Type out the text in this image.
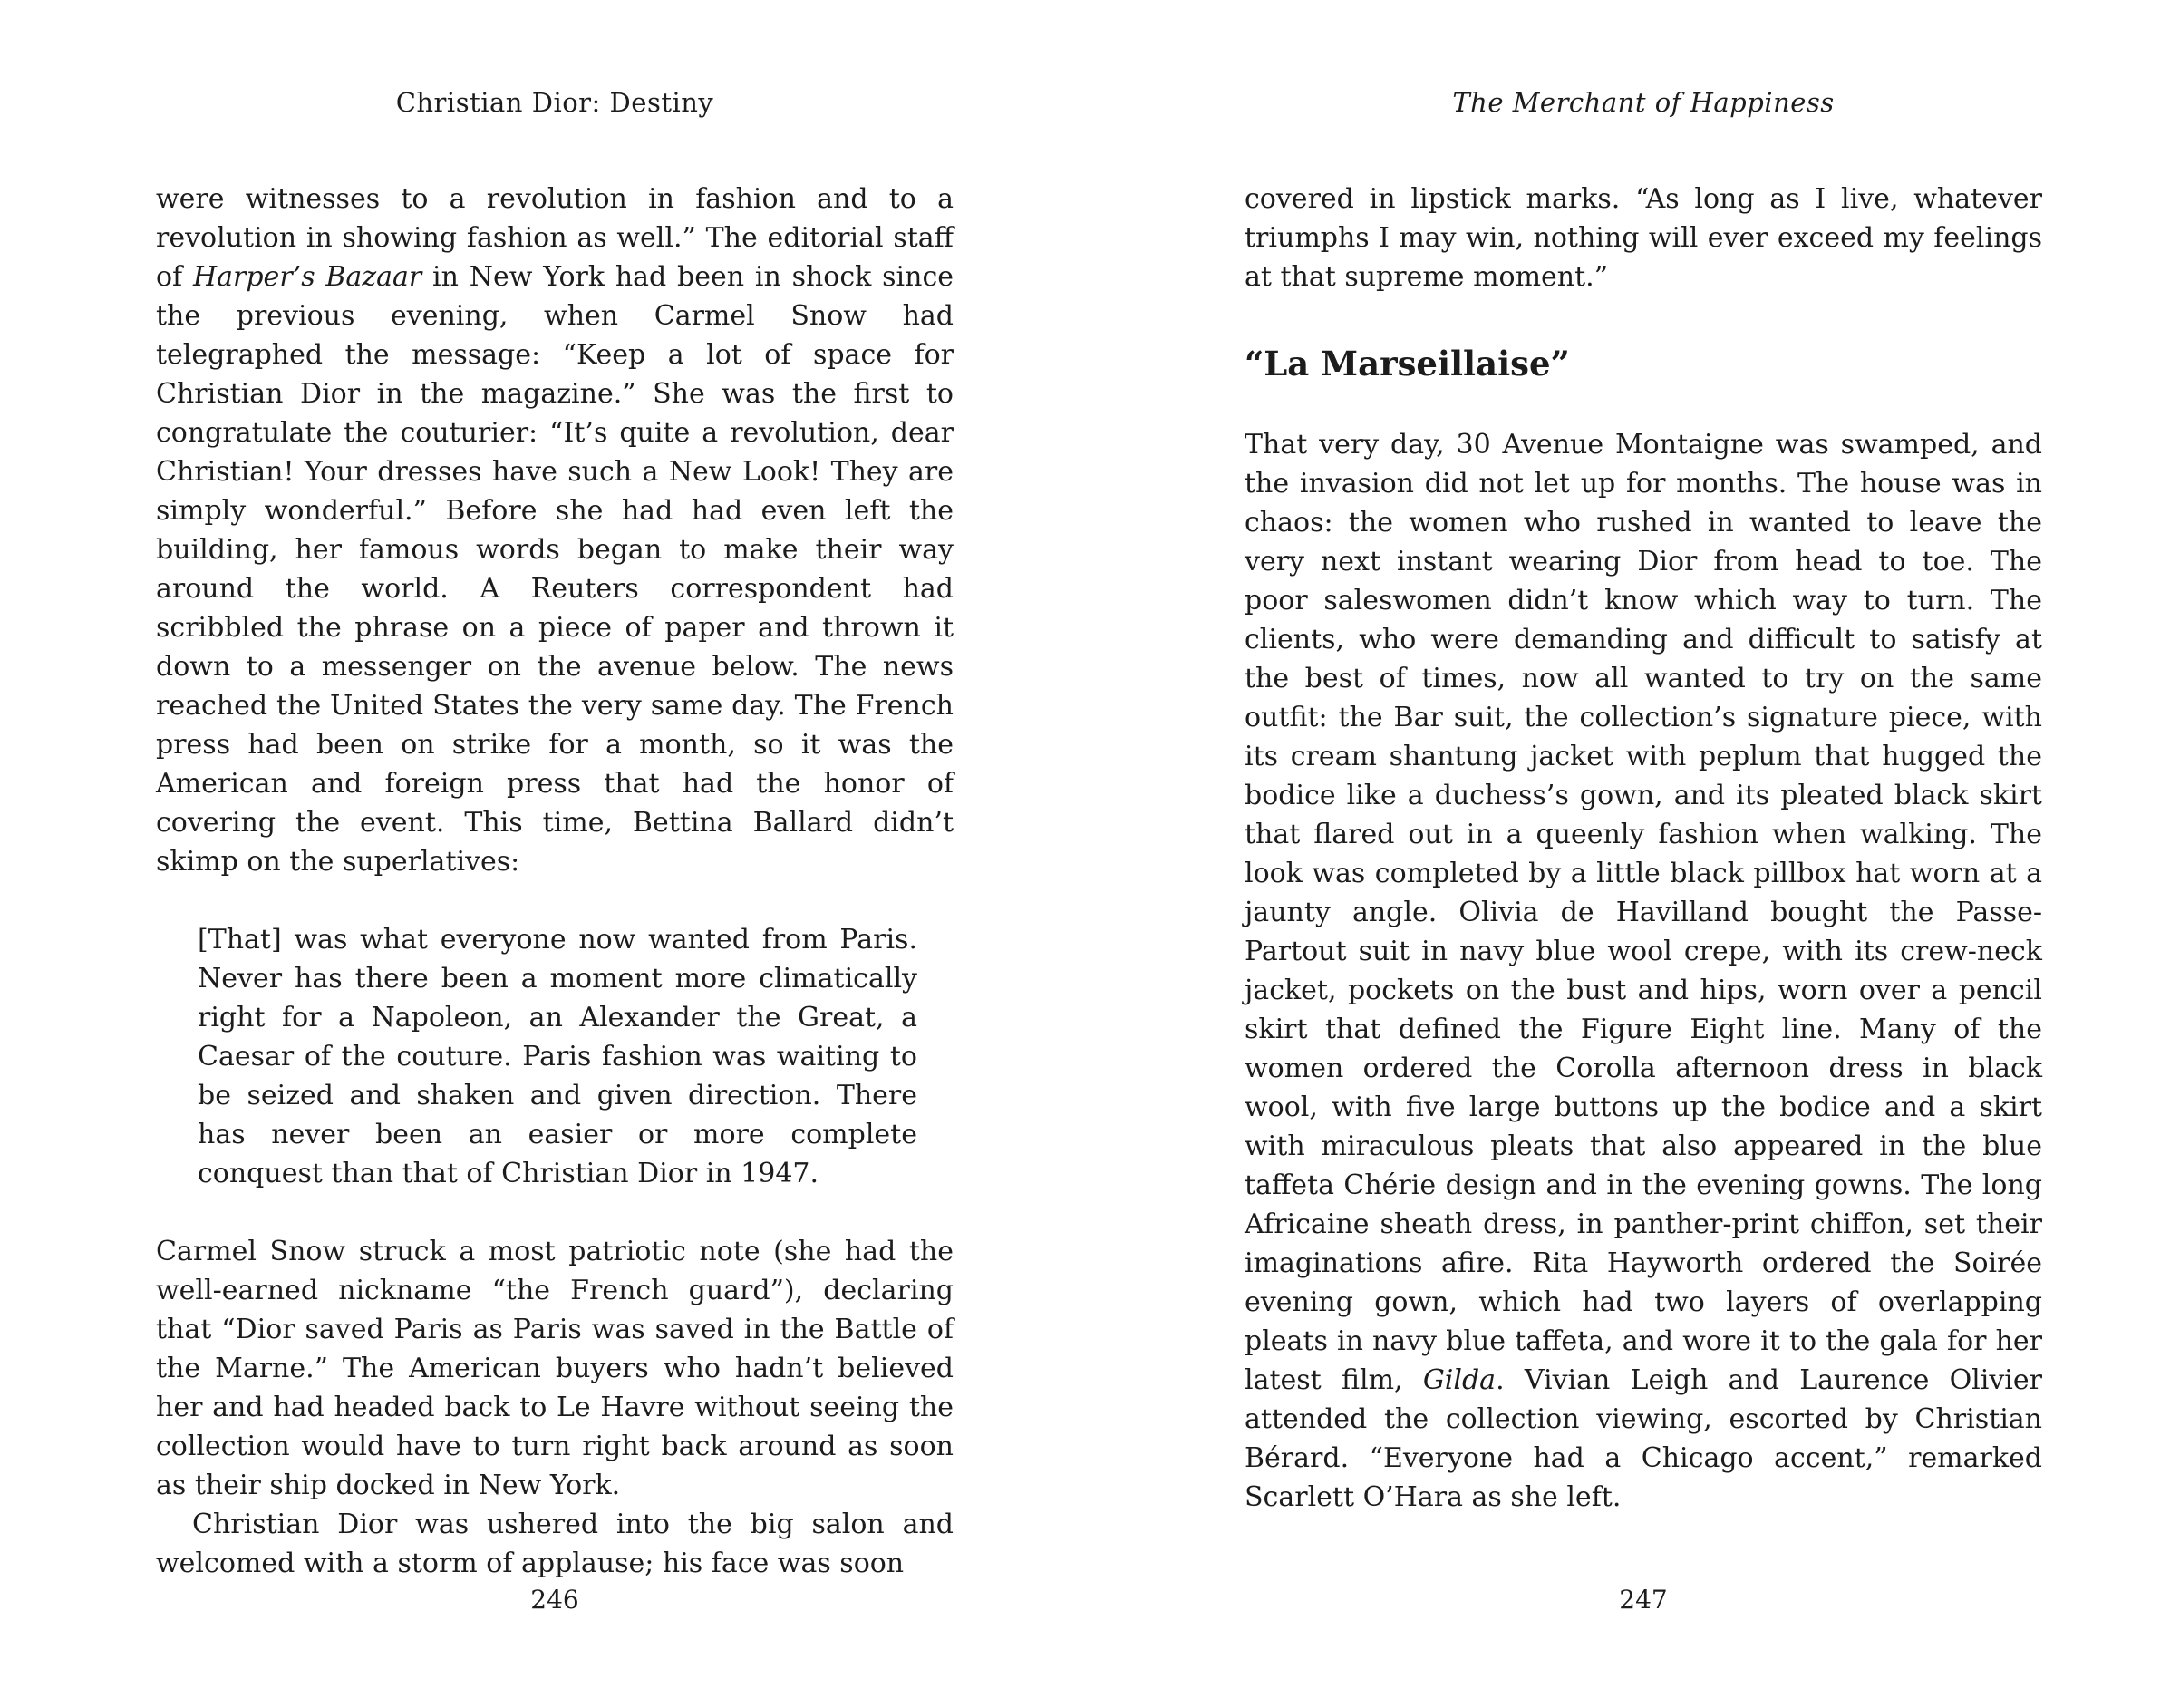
Christian Dior: Destiny

were witnesses to a revolution in fashion and to a revolution in showing fashion as well.” The editorial staff of Harper’s Bazaar in New York had been in shock since the previous evening, when Carmel Snow had telegraphed the message: “Keep a lot of space for Christian Dior in the magazine.” She was the first to congratulate the couturier: “It’s quite a revolution, dear Christian! Your dresses have such a New Look! They are simply wonderful.” Before she had had even left the building, her famous words began to make their way around the world. A Reuters correspondent had scribbled the phrase on a piece of paper and thrown it down to a messenger on the avenue below. The news reached the United States the very same day. The French press had been on strike for a month, so it was the American and foreign press that had the honor of covering the event. This time, Bettina Ballard didn’t skimp on the superlatives:

[That] was what everyone now wanted from Paris. Never has there been a moment more climatically right for a Napoleon, an Alexander the Great, a Caesar of the couture. Paris fashion was waiting to be seized and shaken and given direction. There has never been an easier or more complete conquest than that of Christian Dior in 1947.

Carmel Snow struck a most patriotic note (she had the well-earned nickname “the French guard”), declaring that “Dior saved Paris as Paris was saved in the Battle of the Marne.” The American buyers who hadn’t believed her and had headed back to Le Havre without seeing the collection would have to turn right back around as soon as their ship docked in New York.

Christian Dior was ushered into the big salon and welcomed with a storm of applause; his face was soon

246
The Merchant of Happiness

covered in lipstick marks. “As long as I live, whatever triumphs I may win, nothing will ever exceed my feelings at that supreme moment.”

“La Marseillaise”

That very day, 30 Avenue Montaigne was swamped, and the invasion did not let up for months. The house was in chaos: the women who rushed in wanted to leave the very next instant wearing Dior from head to toe. The poor saleswomen didn’t know which way to turn. The clients, who were demanding and difficult to satisfy at the best of times, now all wanted to try on the same outfit: the Bar suit, the collection’s signature piece, with its cream shantung jacket with peplum that hugged the bodice like a duchess’s gown, and its pleated black skirt that flared out in a queenly fashion when walking. The look was completed by a little black pillbox hat worn at a jaunty angle. Olivia de Havilland bought the Passe-Partout suit in navy blue wool crepe, with its crew-neck jacket, pockets on the bust and hips, worn over a pencil skirt that defined the Figure Eight line. Many of the women ordered the Corolla afternoon dress in black wool, with five large buttons up the bodice and a skirt with miraculous pleats that also appeared in the blue taffeta Chérie design and in the evening gowns. The long Africaine sheath dress, in panther-print chiffon, set their imaginations afire. Rita Hayworth ordered the Soirée evening gown, which had two layers of overlapping pleats in navy blue taffeta, and wore it to the gala for her latest film, Gilda. Vivian Leigh and Laurence Olivier attended the collection viewing, escorted by Christian Bérard. “Everyone had a Chicago accent,” remarked Scarlett O’Hara as she left.

247
